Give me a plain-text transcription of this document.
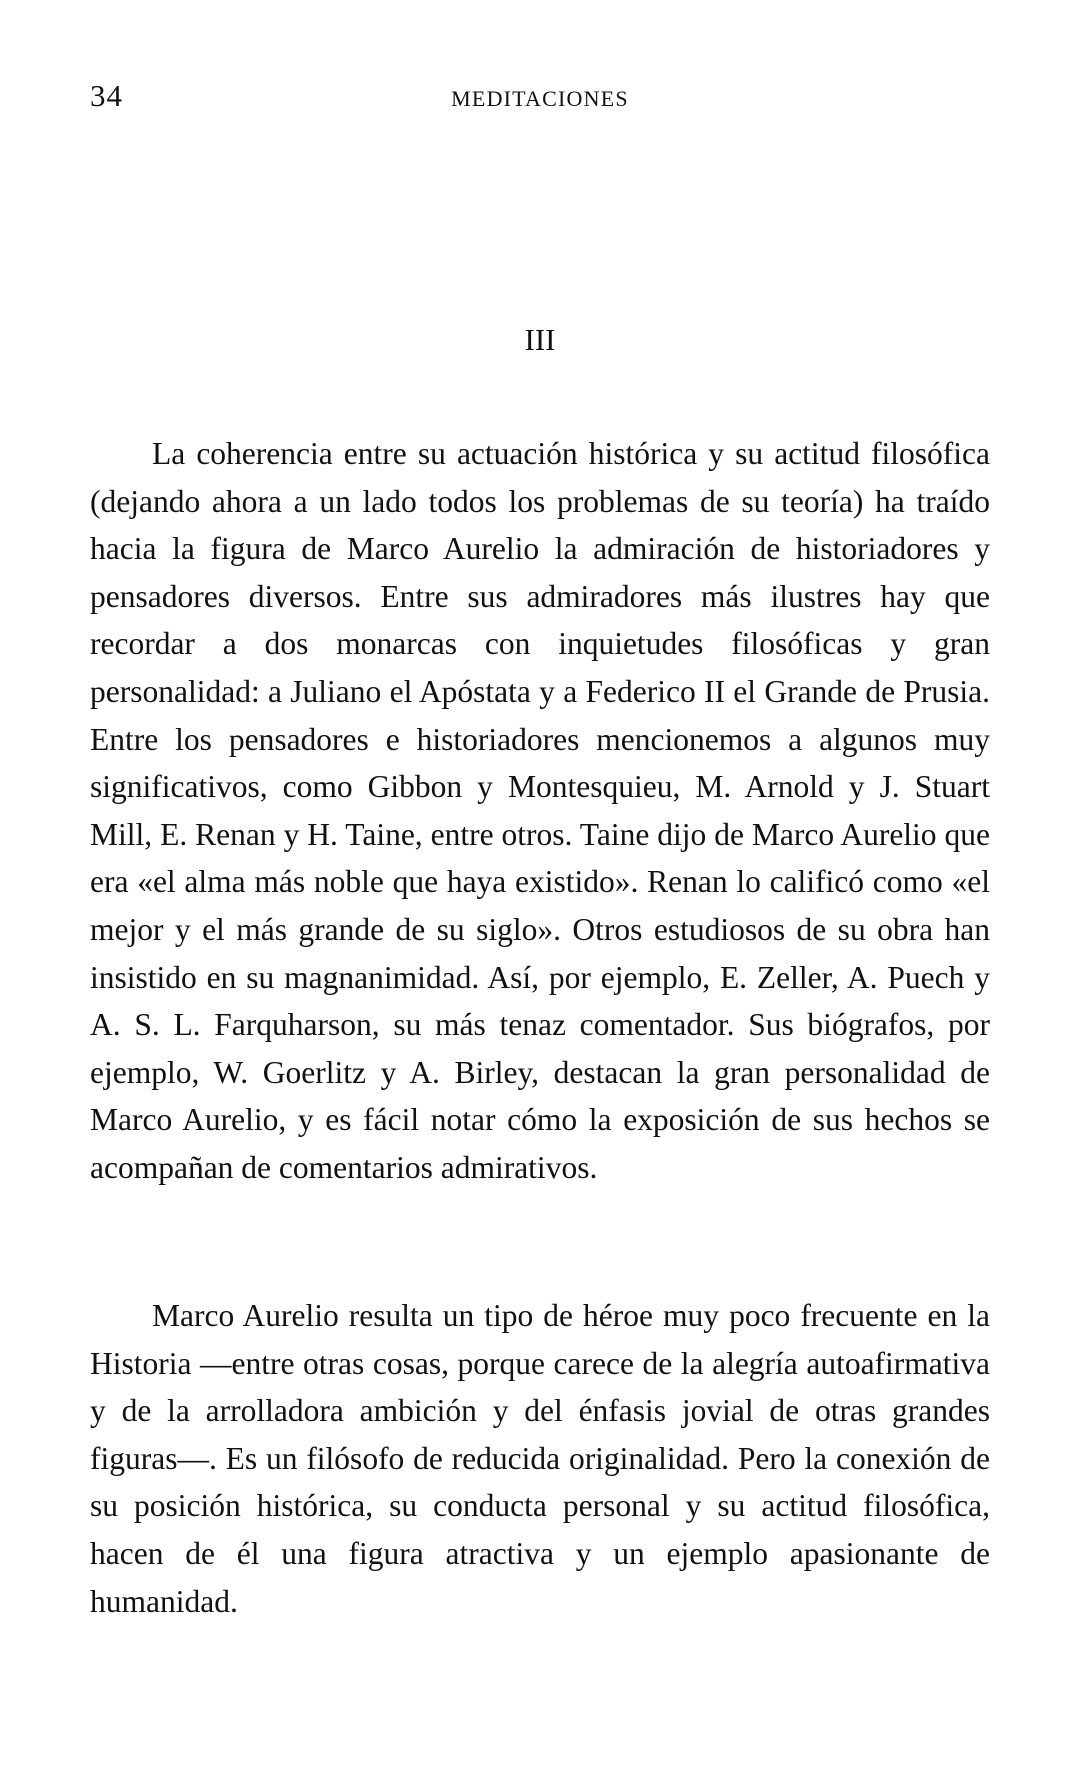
34	MEDITACIONES
III

La coherencia entre su actuación histórica y su actitud filosófica (dejando ahora a un lado todos los problemas de su teoría) ha traído hacia la figura de Marco Aurelio la admiración de historiadores y pensadores diversos. Entre sus admiradores más ilustres hay que recordar a dos monarcas con inquietudes filosóficas y gran personalidad: a Juliano el Apóstata y a Federico II el Grande de Prusia. Entre los pensadores e historiadores mencionemos a algunos muy significativos, como Gibbon y Montesquieu, M. Arnold y J. Stuart Mill, E. Renan y H. Taine, entre otros. Taine dijo de Marco Aurelio que era «el alma más noble que haya existido». Renan lo calificó como «el mejor y el más grande de su siglo». Otros estudiosos de su obra han insistido en su magnanimidad. Así, por ejemplo, E. Zeller, A. Puech y A. S. L. Farquharson, su más tenaz comentador. Sus biógrafos, por ejemplo, W. Goerlitz y A. Birley, destacan la gran personalidad de Marco Aurelio, y es fácil notar cómo la exposición de sus hechos se acompañan de comentarios admirativos.

Marco Aurelio resulta un tipo de héroe muy poco frecuente en la Historia —entre otras cosas, porque carece de la alegría autoafirmativa y de la arrolladora ambición y del énfasis jovial de otras grandes figuras—. Es un filósofo de reducida originalidad. Pero la conexión de su posición histórica, su conducta personal y su actitud filosófica, hacen de él una figura atractiva y un ejemplo apasionante de humanidad.
